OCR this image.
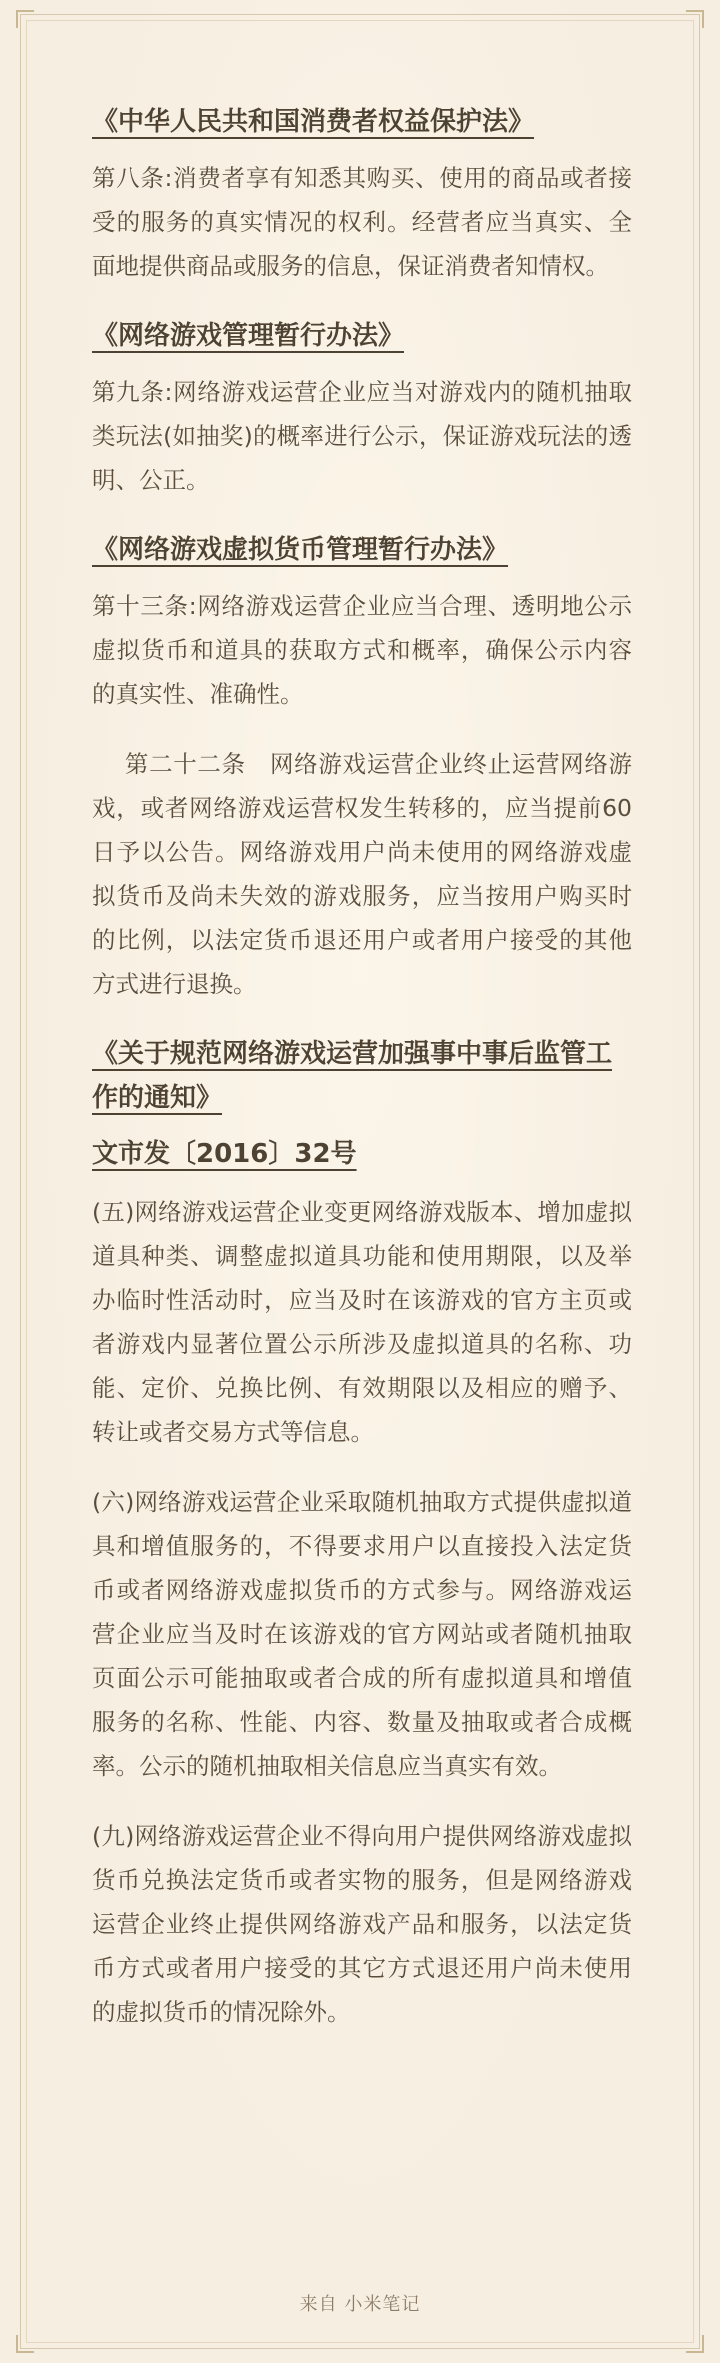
《中华人民共和国消费者权益保护法》
第八条:消费者享有知悉其购买、使用的商品或者接受的服务的真实情况的权利。经营者应当真实、全面地提供商品或服务的信息，保证消费者知情权。
《网络游戏管理暂行办法》
第九条:网络游戏运营企业应当对游戏内的随机抽取类玩法(如抽奖)的概率进行公示，保证游戏玩法的透明、公正。
《网络游戏虚拟货币管理暂行办法》
第十三条:网络游戏运营企业应当合理、透明地公示虚拟货币和道具的获取方式和概率，确保公示内容的真实性、准确性。
第二十二条　网络游戏运营企业终止运营网络游戏，或者网络游戏运营权发生转移的，应当提前60日予以公告。网络游戏用户尚未使用的网络游戏虚拟货币及尚未失效的游戏服务，应当按用户购买时的比例，以法定货币退还用户或者用户接受的其他方式进行退换。
《关于规范网络游戏运营加强事中事后监管工作的通知》
文市发〔2016〕32号
(五)网络游戏运营企业变更网络游戏版本、增加虚拟道具种类、调整虚拟道具功能和使用期限，以及举办临时性活动时，应当及时在该游戏的官方主页或者游戏内显著位置公示所涉及虚拟道具的名称、功能、定价、兑换比例、有效期限以及相应的赠予、转让或者交易方式等信息。
(六)网络游戏运营企业采取随机抽取方式提供虚拟道具和增值服务的，不得要求用户以直接投入法定货币或者网络游戏虚拟货币的方式参与。网络游戏运营企业应当及时在该游戏的官方网站或者随机抽取页面公示可能抽取或者合成的所有虚拟道具和增值服务的名称、性能、内容、数量及抽取或者合成概率。公示的随机抽取相关信息应当真实有效。
(九)网络游戏运营企业不得向用户提供网络游戏虚拟货币兑换法定货币或者实物的服务，但是网络游戏运营企业终止提供网络游戏产品和服务，以法定货币方式或者用户接受的其它方式退还用户尚未使用的虚拟货币的情况除外。
来自 小米笔记
